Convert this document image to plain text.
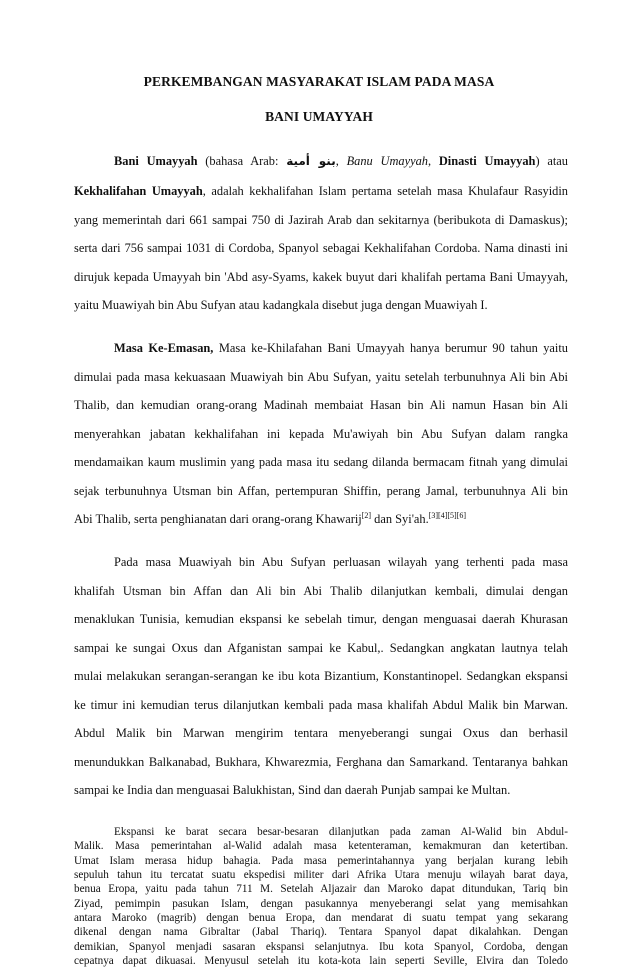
PERKEMBANGAN MASYARAKAT ISLAM PADA MASA
BANI UMAYYAH
Bani Umayyah (bahasa Arab: بنو أمية, Banu Umayyah, Dinasti Umayyah) atau
Kekhalifahan Umayyah, adalah kekhalifahan Islam pertama setelah masa Khulafaur Rasyidin
yang memerintah dari 661 sampai 750 di Jazirah Arab dan sekitarnya (beribukota di Damaskus);
serta dari 756 sampai 1031 di Cordoba, Spanyol sebagai Kekhalifahan Cordoba. Nama dinasti ini
dirujuk kepada Umayyah bin 'Abd asy-Syams, kakek buyut dari khalifah pertama Bani Umayyah,
yaitu Muawiyah bin Abu Sufyan atau kadangkala disebut juga dengan Muawiyah I.
Masa Ke-Emasan, Masa ke-Khilafahan Bani Umayyah hanya berumur 90 tahun yaitu
dimulai pada masa kekuasaan Muawiyah bin Abu Sufyan, yaitu setelah terbunuhnya Ali bin Abi
Thalib, dan kemudian orang-orang Madinah membaiat Hasan bin Ali namun Hasan bin Ali
menyerahkan jabatan kekhalifahan ini kepada Mu'awiyah bin Abu Sufyan dalam rangka
mendamaikan kaum muslimin yang pada masa itu sedang dilanda bermacam fitnah yang dimulai
sejak terbunuhnya Utsman bin Affan, pertempuran Shiffin, perang Jamal, terbunuhnya Ali bin
Abi Thalib, serta penghianatan dari orang-orang Khawarij[2] dan Syi'ah.[3][4][5][6]
Pada masa Muawiyah bin Abu Sufyan perluasan wilayah yang terhenti pada masa
khalifah Utsman bin Affan dan Ali bin Abi Thalib dilanjutkan kembali, dimulai dengan
menaklukan Tunisia, kemudian ekspansi ke sebelah timur, dengan menguasai daerah Khurasan
sampai ke sungai Oxus dan Afganistan sampai ke Kabul,. Sedangkan angkatan lautnya telah
mulai melakukan serangan-serangan ke ibu kota Bizantium, Konstantinopel. Sedangkan ekspansi
ke timur ini kemudian terus dilanjutkan kembali pada masa khalifah Abdul Malik bin Marwan.
Abdul Malik bin Marwan mengirim tentara menyeberangi sungai Oxus dan berhasil
menundukkan Balkanabad, Bukhara, Khwarezmia, Ferghana dan Samarkand. Tentaranya bahkan
sampai ke India dan menguasai Balukhistan, Sind dan daerah Punjab sampai ke Multan.
Ekspansi ke barat secara besar-besaran dilanjutkan pada zaman Al-Walid bin Abdul-
Malik. Masa pemerintahan al-Walid adalah masa ketenteraman, kemakmuran dan ketertiban.
Umat Islam merasa hidup bahagia. Pada masa pemerintahannya yang berjalan kurang lebih
sepuluh tahun itu tercatat suatu ekspedisi militer dari Afrika Utara menuju wilayah barat daya,
benua Eropa, yaitu pada tahun 711 M. Setelah Aljazair dan Maroko dapat ditundukan, Tariq bin
Ziyad, pemimpin pasukan Islam, dengan pasukannya menyeberangi selat yang memisahkan
antara Maroko (magrib) dengan benua Eropa, dan mendarat di suatu tempat yang sekarang
dikenal dengan nama Gibraltar (Jabal Thariq). Tentara Spanyol dapat dikalahkan. Dengan
demikian, Spanyol menjadi sasaran ekspansi selanjutnya. Ibu kota Spanyol, Cordoba, dengan
cepatnya dapat dikuasai. Menyusul setelah itu kota-kota lain seperti Seville, Elvira dan Toledo
